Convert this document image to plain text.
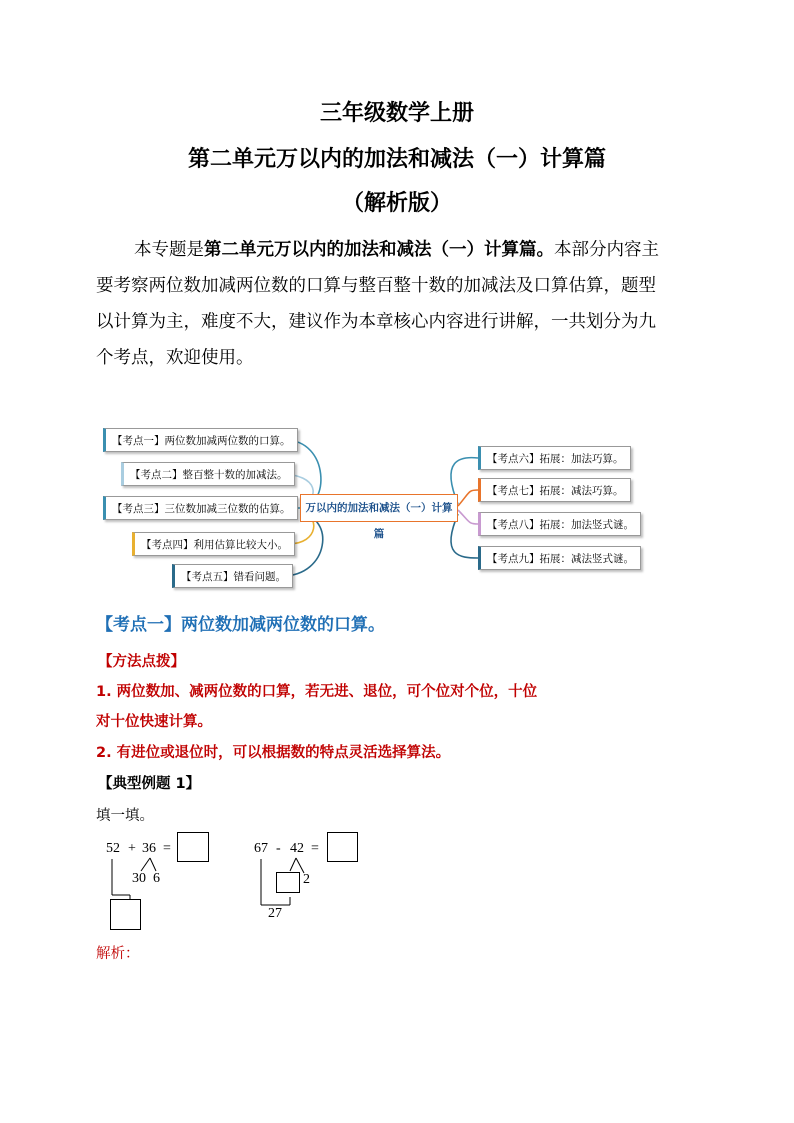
三年级数学上册
第二单元万以内的加法和减法（一）计算篇
（解析版）

本专题是第二单元万以内的加法和减法（一）计算篇。本部分内容主

要考察两位数加减两位数的口算与整百整十数的加减法及口算估算，题型

以计算为主，难度不大，建议作为本章核心内容进行讲解，一共划分为九

个考点，欢迎使用。

【考点一】两位数加减两位数的口算。
【考点二】整百整十数的加减法。
【考点三】三位数加减三位数的估算。
【考点四】利用估算比较大小。
【考点五】错看问题。
万以内的加法和减法（一）计算篇
【考点六】拓展：加法巧算。
【考点七】拓展：减法巧算。
【考点八】拓展：加法竖式谜。
【考点九】拓展：减法竖式谜。
【考点一】两位数加减两位数的口算。
【方法点拨】
1. 两位数加、减两位数的口算，若无进、退位，可个位对个位，十位
对十位快速计算。
2. 有进位或退位时，可以根据数的特点灵活选择算法。
【典型例题 1】
填一填。
52 + 36 =
30 6
67 - 42 =
2
27
解析：
